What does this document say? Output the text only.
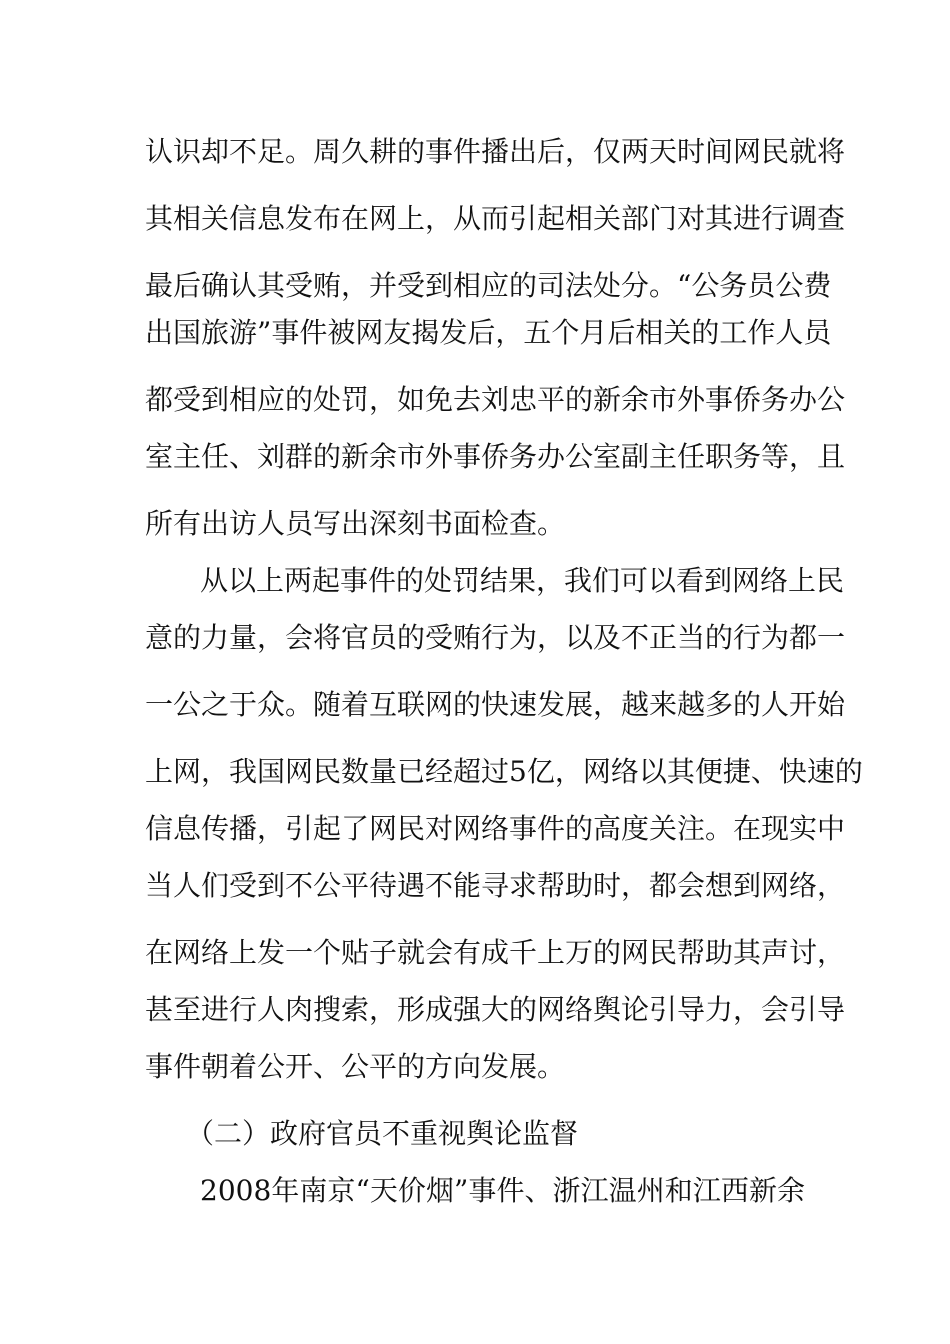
认识却不足。周久耕的事件播出后，仅两天时间网民就将
其相关信息发布在网上，从而引起相关部门对其进行调查
最后确认其受贿，并受到相应的司法处分。“公务员公费
出国旅游”事件被网友揭发后，五个月后相关的工作人员
都受到相应的处罚，如免去刘忠平的新余市外事侨务办公
室主任、刘群的新余市外事侨务办公室副主任职务等，且
所有出访人员写出深刻书面检查。
从以上两起事件的处罚结果，我们可以看到网络上民
意的力量，会将官员的受贿行为，以及不正当的行为都一
一公之于众。随着互联网的快速发展，越来越多的人开始
上网，我国网民数量已经超过5亿，网络以其便捷、快速的
信息传播，引起了网民对网络事件的高度关注。在现实中
当人们受到不公平待遇不能寻求帮助时，都会想到网络，
在网络上发一个贴子就会有成千上万的网民帮助其声讨，
甚至进行人肉搜索，形成强大的网络舆论引导力，会引导
事件朝着公开、公平的方向发展。
（二）政府官员不重视舆论监督
2008年南京“天价烟”事件、浙江温州和江西新余
